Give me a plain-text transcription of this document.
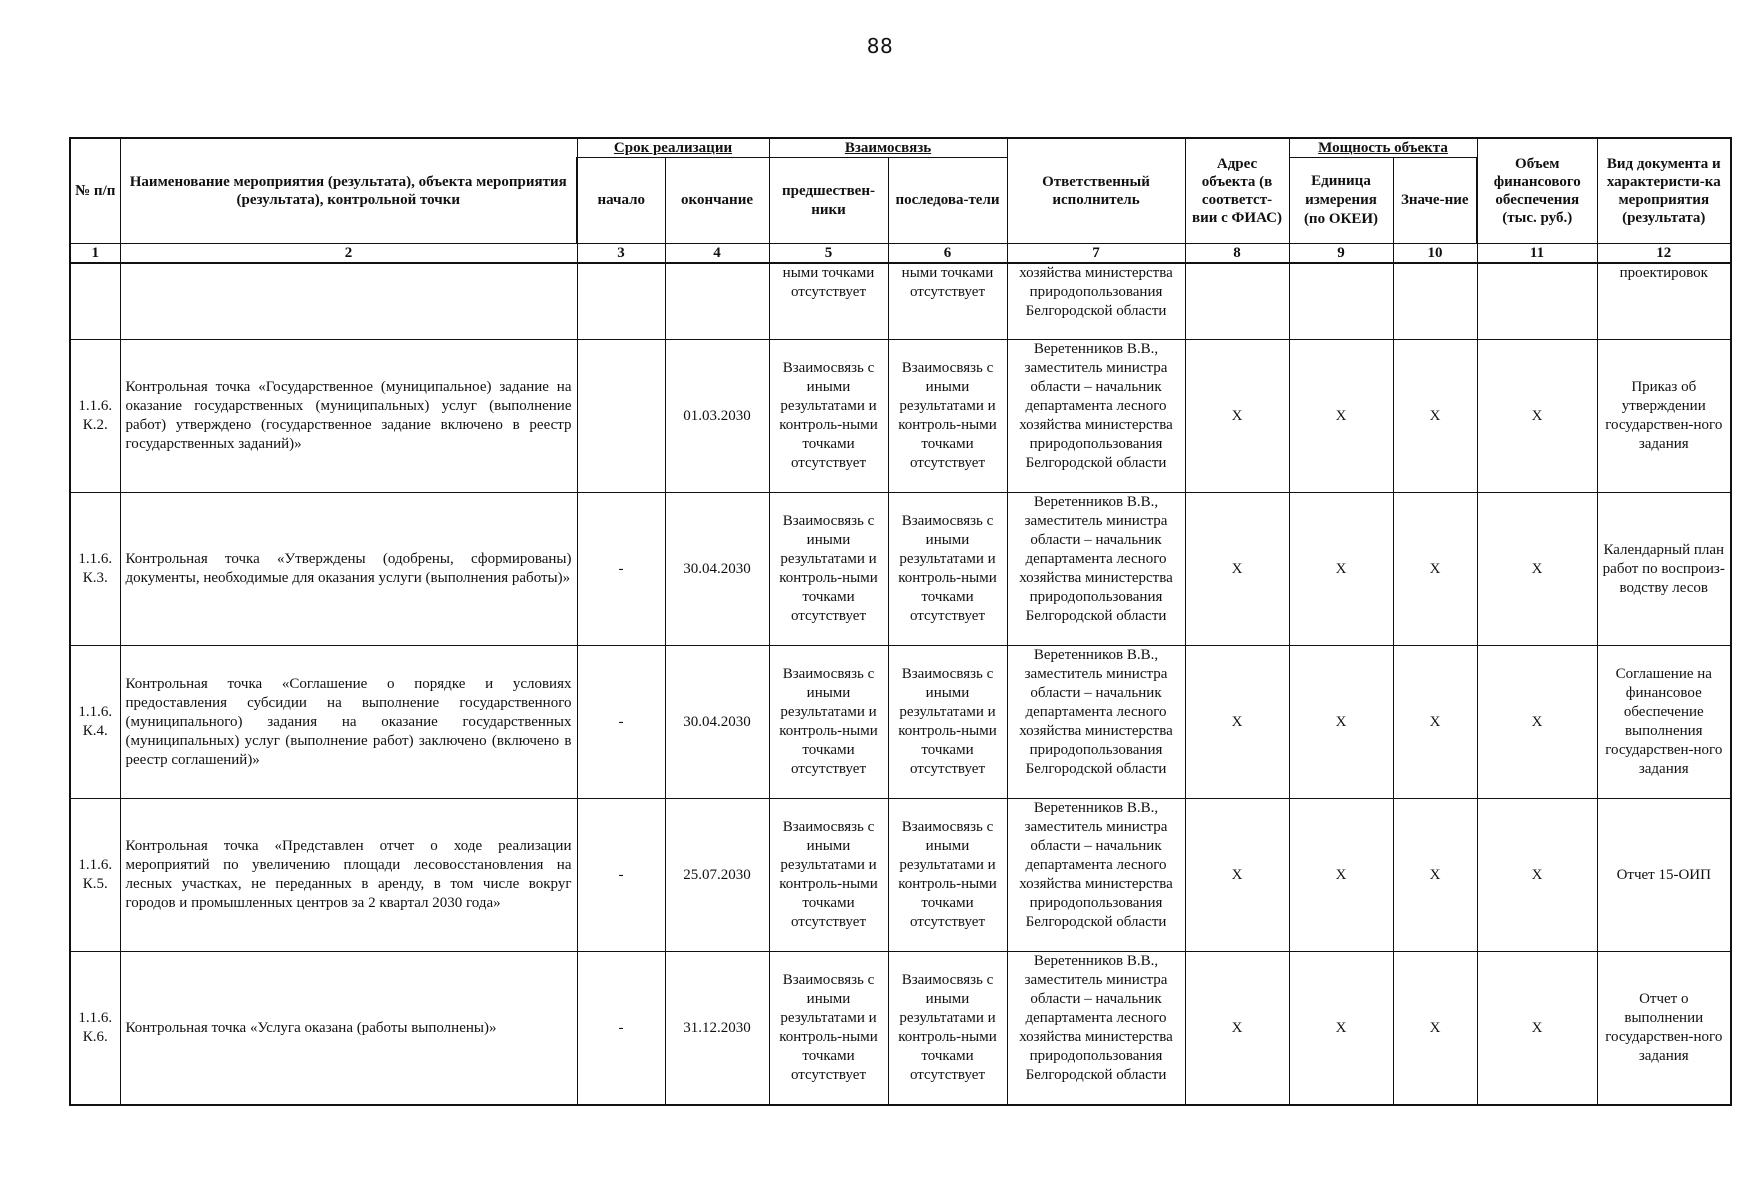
88
№ п/п	Наименование мероприятия (результата), объекта мероприятия (результата), контрольной точки	Срок реализации		Взаимосвязь		Ответственный исполнитель	Адрес объекта (в соответст-вии с ФИАС)	Мощность объекта		Объем финансового обеспечения (тыс. руб.)	Вид документа и характеристи-ка мероприятия (результата)
		начало	окончание	предшествен-ники	последова-тели			Единица измерения (по ОКЕИ)	Значе-ние		
1	2	3	4	5	6	7	8	9	10	11	12
				ными точками отсутствует	ными точками отсутствует	хозяйства министерства природопользования Белгородской области					проектировок
1.1.6. К.2.	Контрольная точка «Государственное (муниципальное) задание на оказание государственных (муниципальных) услуг (выполнение работ) утверждено (государственное задание включено в реестр государственных заданий)»		01.03.2030	Взаимосвязь с иными результатами и контроль-ными точками отсутствует	Взаимосвязь с иными результатами и контроль-ными точками отсутствует	Веретенников В.В., заместитель министра области – начальник департамента лесного хозяйства министерства природопользования Белгородской области	Х	Х	Х	Х	Приказ об утверждении государствен-ного задания
1.1.6. К.3.	Контрольная точка «Утверждены (одобрены, сформированы) документы, необходимые для оказания услуги (выполнения работы)»	-	30.04.2030	Взаимосвязь с иными результатами и контроль-ными точками отсутствует	Взаимосвязь с иными результатами и контроль-ными точками отсутствует	Веретенников В.В., заместитель министра области – начальник департамента лесного хозяйства министерства природопользования Белгородской области	Х	Х	Х	Х	Календарный план работ по воспроиз-водству лесов
1.1.6. К.4.	Контрольная точка «Соглашение о порядке и условиях предоставления субсидии на выполнение государственного (муниципального) задания на оказание государственных (муниципальных) услуг (выполнение работ) заключено (включено в реестр соглашений)»	-	30.04.2030	Взаимосвязь с иными результатами и контроль-ными точками отсутствует	Взаимосвязь с иными результатами и контроль-ными точками отсутствует	Веретенников В.В., заместитель министра области – начальник департамента лесного хозяйства министерства природопользования Белгородской области	Х	Х	Х	Х	Соглашение на финансовое обеспечение выполнения государствен-ного задания
1.1.6. К.5.	Контрольная точка «Представлен отчет о ходе реализации мероприятий по увеличению площади лесовосстановления на лесных участках, не переданных в аренду, в том числе вокруг городов и промышленных центров за 2 квартал 2030 года»	-	25.07.2030	Взаимосвязь с иными результатами и контроль-ными точками отсутствует	Взаимосвязь с иными результатами и контроль-ными точками отсутствует	Веретенников В.В., заместитель министра области – начальник департамента лесного хозяйства министерства природопользования Белгородской области	Х	Х	Х	Х	Отчет 15-ОИП
1.1.6. К.6.	Контрольная точка «Услуга оказана (работы выполнены)»	-	31.12.2030	Взаимосвязь с иными результатами и контроль-ными точками отсутствует	Взаимосвязь с иными результатами и контроль-ными точками отсутствует	Веретенников В.В., заместитель министра области – начальник департамента лесного хозяйства министерства природопользования Белгородской области	Х	Х	Х	Х	Отчет о выполнении государствен-ного задания
